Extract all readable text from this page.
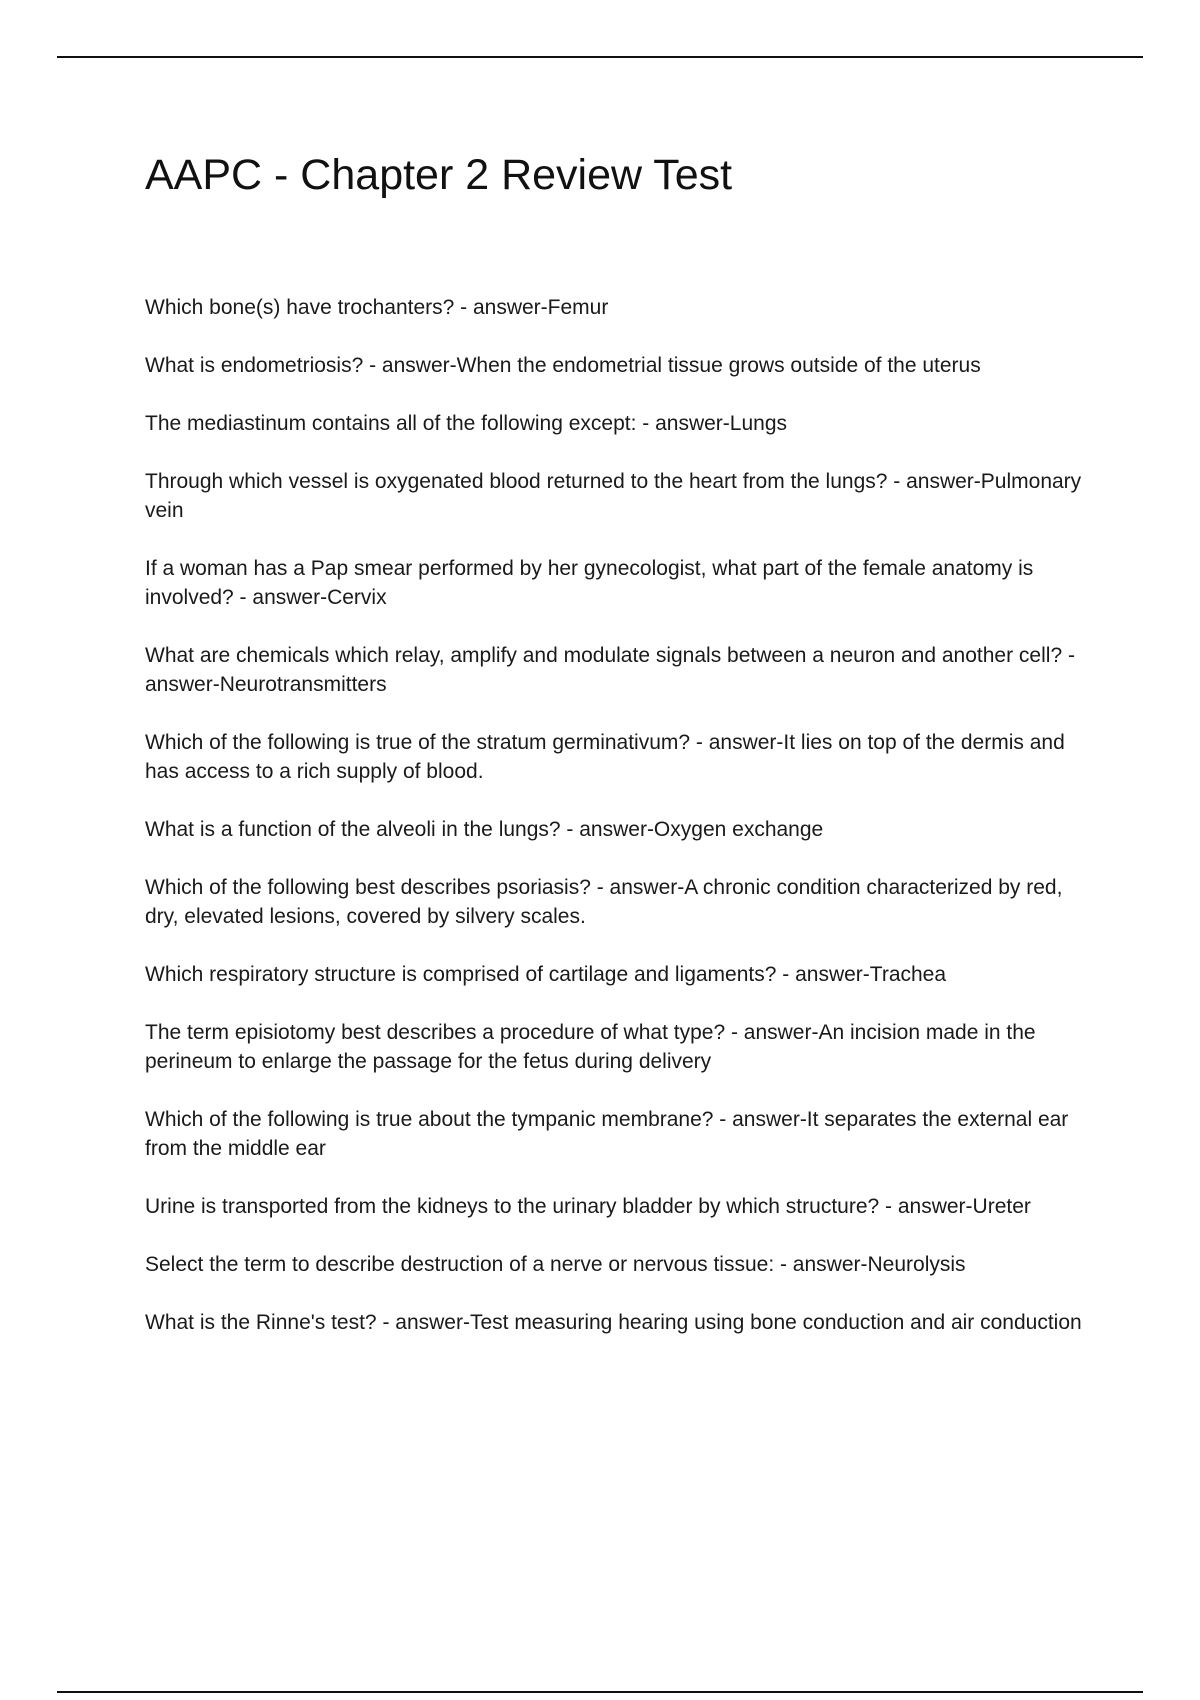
AAPC - Chapter 2 Review Test
Which bone(s) have trochanters? - answer-Femur
What is endometriosis? - answer-When the endometrial tissue grows outside of the uterus
The mediastinum contains all of the following except: - answer-Lungs
Through which vessel is oxygenated blood returned to the heart from the lungs? - answer-Pulmonary vein
If a woman has a Pap smear performed by her gynecologist, what part of the female anatomy is involved? - answer-Cervix
What are chemicals which relay, amplify and modulate signals between a neuron and another cell? - answer-Neurotransmitters
Which of the following is true of the stratum germinativum? - answer-It lies on top of the dermis and has access to a rich supply of blood.
What is a function of the alveoli in the lungs? - answer-Oxygen exchange
Which of the following best describes psoriasis? - answer-A chronic condition characterized by red, dry, elevated lesions, covered by silvery scales.
Which respiratory structure is comprised of cartilage and ligaments? - answer-Trachea
The term episiotomy best describes a procedure of what type? - answer-An incision made in the perineum to enlarge the passage for the fetus during delivery
Which of the following is true about the tympanic membrane? - answer-It separates the external ear from the middle ear
Urine is transported from the kidneys to the urinary bladder by which structure? - answer-Ureter
Select the term to describe destruction of a nerve or nervous tissue: - answer-Neurolysis
What is the Rinne's test? - answer-Test measuring hearing using bone conduction and air conduction
